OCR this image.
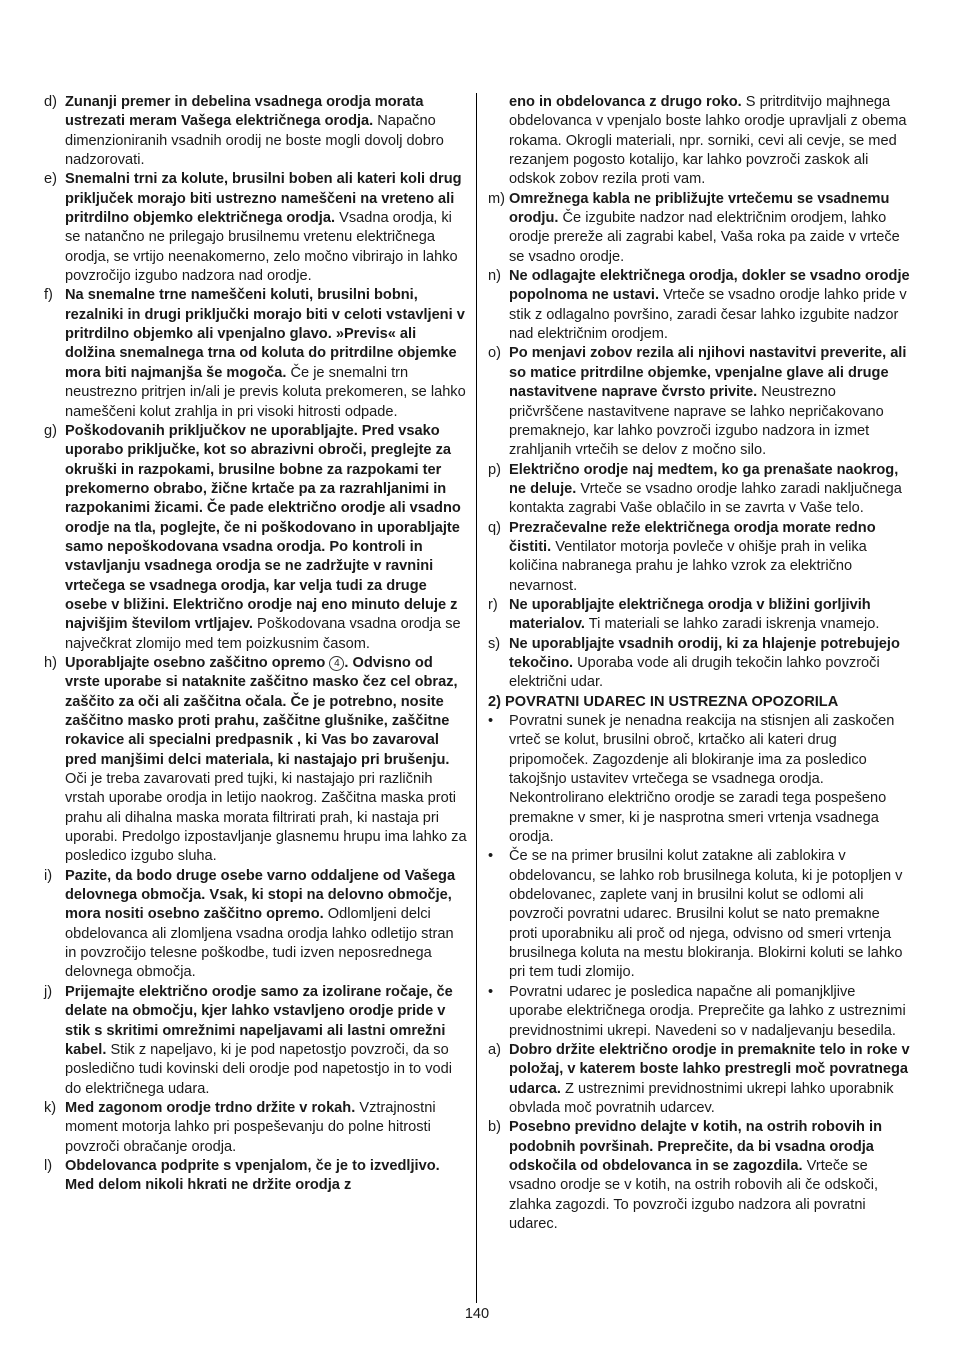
d) Zunanji premer in debelina vsadnega orodja morata ustrezati meram Vašega električnega orodja. Napačno dimenzioniranih vsadnih orodij ne boste mogli dovolj dobro nadzorovati.
e) Snemalni trni za kolute, brusilni boben ali kateri koli drug priključek morajo biti ustrezno nameščeni na vreteno ali pritrdilno objemko električnega orodja. Vsadna orodja, ki se natančno ne prilegajo brusilnemu vretenu električnega orodja, se vrtijo neenakomerno, zelo močno vibrirajo in lahko povzročijo izgubo nadzora nad orodje.
f) Na snemalne trne nameščeni koluti, brusilni bobni, rezalniki in drugi priključki morajo biti v celoti vstavljeni v pritrdilno objemko ali vpenjalno glavo. »Previs« ali dolžina snemalnega trna od koluta do pritrdilne objemke mora biti najmanjša še mogoča. Če je snemalni trn neustrezno pritrjen in/ali je previs koluta prekomeren, se lahko nameščeni kolut zrahlja in pri visoki hitrosti odpade.
g) Poškodovanih priključkov ne uporabljajte. Pred vsako uporabo priključke, kot so abrazivni obroči, preglejte za okruški in razpokami, brusilne bobne za razpokami ter prekomerno obrabo, žične krtače pa za razrahljanimi in razpokanimi žicami. Če pade električno orodje ali vsadno orodje na tla, poglejte, če ni poškodovano in uporabljajte samo nepoškodovana vsadna orodja. Po kontroli in vstavljanju vsadnega orodja se ne zadržujte v ravnini vrtečega se vsadnega orodja, kar velja tudi za druge osebe v bližini. Električno orodje naj eno minuto deluje z najvišjim številom vrtljajev. Poškodovana vsadna orodja se največkrat zlomijo med tem poizkusnim časom.
h) Uporabljajte osebno zaščitno opremo 4 . Odvisno od vrste uporabe si nataknite zaščitno masko čez cel obraz, zaščito za oči ali zaščitna očala. Če je potrebno, nosite zaščitno masko proti prahu, zaščitne glušnike, zaščitne rokavice ali specialni predpasnik , ki Vas bo zavaroval pred manjšimi delci materiala, ki nastajajo pri brušenju. Oči je treba zavarovati pred tujki, ki nastajajo pri različnih vrstah uporabe orodja in letijo naokrog. Zaščitna maska proti prahu ali dihalna maska morata filtrirati prah, ki nastaja pri uporabi. Predolgo izpostavljanje glasnemu hrupu ima lahko za posledico izgubo sluha.
i) Pazite, da bodo druge osebe varno oddaljene od Vašega delovnega območja. Vsak, ki stopi na delovno območje, mora nositi osebno zaščitno opremo. Odlomljeni delci obdelovanca ali zlomljena vsadna orodja lahko odletijo stran in povzročijo telesne poškodbe, tudi izven neposrednega delovnega območja.
j) Prijemajte električno orodje samo za izolirane ročaje, če delate na območju, kjer lahko vstavljeno orodje pride v stik s skritimi omrežnimi napeljavami ali lastni omrežni kabel. Stik z napeljavo, ki je pod napetostjo povzroči, da so posledično tudi kovinski deli orodje pod napetostjo in to vodi do električnega udara.
k) Med zagonom orodje trdno držite v rokah. Vztrajnostni moment motorja lahko pri pospeševanju do polne hitrosti povzroči obračanje orodja.
l) Obdelovanca podprite s vpenjalom, če je to izvedljivo. Med delom nikoli hkrati ne držite orodja z
eno in obdelovanca z drugo roko. S pritrditvijo majhnega obdelovanca v vpenjalo boste lahko orodje upravljali z obema rokama. Okrogli materiali, npr. sorniki, cevi ali cevje, se med rezanjem pogosto kotalijo, kar lahko povzroči zaskok ali odskok zobov rezila proti vam.
m) Omrežnega kabla ne približujte vrtečemu se vsadnemu orodju. Če izgubite nadzor nad električnim orodjem, lahko orodje prereže ali zagrabi kabel, Vaša roka pa zaide v vrteče se vsadno orodje.
n) Ne odlagajte električnega orodja, dokler se vsadno orodje popolnoma ne ustavi. Vrteče se vsadno orodje lahko pride v stik z odlagalno površino, zaradi česar lahko izgubite nadzor nad električnim orodjem.
o) Po menjavi zobov rezila ali njihovi nastavitvi preverite, ali so matice pritrdilne objemke, vpenjalne glave ali druge nastavitvene naprave čvrsto privite. Neustrezno pričvrščene nastavitvene naprave se lahko nepričakovano premaknejo, kar lahko povzroči izgubo nadzora in izmet zrahljanih vrtečih se delov z močno silo.
p) Električno orodje naj medtem, ko ga prenašate naokrog, ne deluje. Vrteče se vsadno orodje lahko zaradi naključnega kontakta zagrabi Vaše oblačilo in se zavrta v Vaše telo.
q) Prezračevalne reže električnega orodja morate redno čistiti. Ventilator motorja povleče v ohišje prah in velika količina nabranega prahu je lahko vzrok za električno nevarnost.
r) Ne uporabljajte električnega orodja v bližini gorljivih materialov. Ti materiali se lahko zaradi iskrenja vnamejo.
s) Ne uporabljajte vsadnih orodij, ki za hlajenje potrebujejo tekočino. Uporaba vode ali drugih tekočin lahko povzroči električni udar.
2) POVRATNI UDAREC IN USTREZNA OPOZORILA
• Povratni sunek je nenadna reakcija na stisnjen ali zaskočen vrteč se kolut, brusilni obroč, krtačko ali kateri drug pripomoček. Zagozdenje ali blokiranje ima za posledico takojšnjo ustavitev vrtečega se vsadnega orodja. Nekontrolirano električno orodje se zaradi tega pospešeno premakne v smer, ki je nasprotna smeri vrtenja vsadnega orodja.
• Če se na primer brusilni kolut zatakne ali zablokira v obdelovancu, se lahko rob brusilnega koluta, ki je potopljen v obdelovanec, zaplete vanj in brusilni kolut se odlomi ali povzroči povratni udarec. Brusilni kolut se nato premakne proti uporabniku ali proč od njega, odvisno od smeri vrtenja brusilnega koluta na mestu blokiranja. Blokirni koluti se lahko pri tem tudi zlomijo.
• Povratni udarec je posledica napačne ali pomanjkljive uporabe električnega orodja. Preprečite ga lahko z ustreznimi previdnostnimi ukrepi. Navedeni so v nadaljevanju besedila.
a) Dobro držite električno orodje in premaknite telo in roke v položaj, v katerem boste lahko prestregli moč povratnega udarca. Z ustreznimi previdnostnimi ukrepi lahko uporabnik obvlada moč povratnih udarcev.
b) Posebno previdno delajte v kotih, na ostrih robovih in podobnih površinah. Preprečite, da bi vsadna orodja odskočila od obdelovanca in se zagozdila. Vrteče se vsadno orodje se v kotih, na ostrih robovih ali če odskoči, zlahka zagozdi. To povzroči izgubo nadzora ali povratni udarec.
140
